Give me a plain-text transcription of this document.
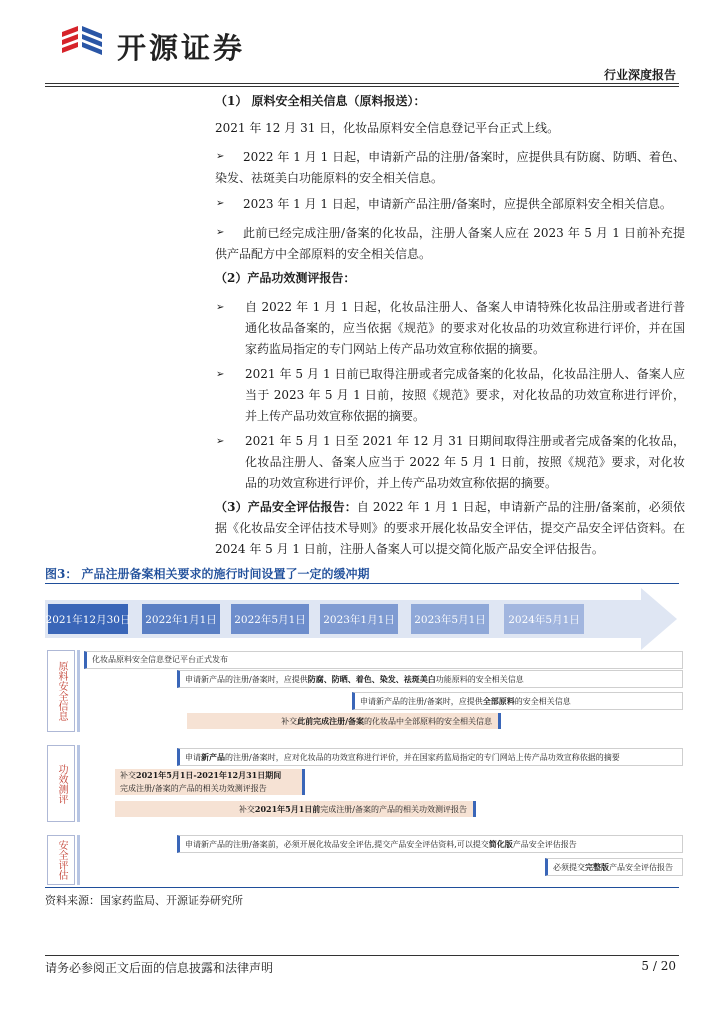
开源证券
行业深度报告
（1） 原料安全相关信息（原料报送）：
2021 年 12 月 31 日，化妆品原料安全信息登记平台正式上线。
➢	2022 年 1 月 1 日起，申请新产品的注册/备案时，应提供具有防腐、防晒、着色、染发、祛斑美白功能原料的安全相关信息。
➢	2023 年 1 月 1 日起，申请新产品注册/备案时，应提供全部原料安全相关信息。
➢	此前已经完成注册/备案的化妆品，注册人备案人应在 2023 年 5 月 1 日前补充提供产品配方中全部原料的安全相关信息。
（2）产品功效测评报告：
➢ 自 2022 年 1 月 1 日起，化妆品注册人、备案人申请特殊化妆品注册或者进行普通化妆品备案的，应当依据《规范》的要求对化妆品的功效宣称进行评价，并在国家药监局指定的专门网站上传产品功效宣称依据的摘要。
➢ 2021 年 5 月 1 日前已取得注册或者完成备案的化妆品，化妆品注册人、备案人应当于 2023 年 5 月 1 日前，按照《规范》要求，对化妆品的功效宣称进行评价，并上传产品功效宣称依据的摘要。
➢ 2021 年 5 月 1 日至 2021 年 12 月 31 日期间取得注册或者完成备案的化妆品，化妆品注册人、备案人应当于 2022 年 5 月 1 日前，按照《规范》要求，对化妆品的功效宣称进行评价，并上传产品功效宣称依据的摘要。
（3）产品安全评估报告：自 2022 年 1 月 1 日起，申请新产品的注册/备案前，必须依据《化妆品安全评估技术导则》的要求开展化妆品安全评估，提交产品安全评估资料。在 2024 年 5 月 1 日前，注册人备案人可以提交简化版产品安全评估报告。
图3： 产品注册备案相关要求的施行时间设置了一定的缓冲期
2021年12月30日	2022年1月1日	2022年5月1日	2023年1月1日	2023年5月1日	2024年5月1日
原料安全信息
化妆品原料安全信息登记平台正式发布
申请新产品的注册/备案时，应提供防腐、防晒、着色、染发、祛斑美白功能原料的安全相关信息
申请新产品的注册/备案时，应提供全部原料的安全相关信息
补交此前完成注册/备案的化妆品中全部原料的安全相关信息
功效测评
申请新产品的注册/备案时，应对化妆品的功效宣称进行评价，并在国家药监局指定的专门网站上传产品功效宣称依据的摘要
补交2021年5月1日-2021年12月31日期间
完成注册/备案的产品的相关功效测评报告
补交2021年5月1日前完成注册/备案的产品的相关功效测评报告
安全评估	申请新产品的注册/备案前，必须开展化妆品安全评估,提交产品安全评估资料,可以提交简化版产品安全评估报告
必须提交完整版产品安全评估报告
资料来源：国家药监局、开源证券研究所
请务必参阅正文后面的信息披露和法律声明	5 / 20
